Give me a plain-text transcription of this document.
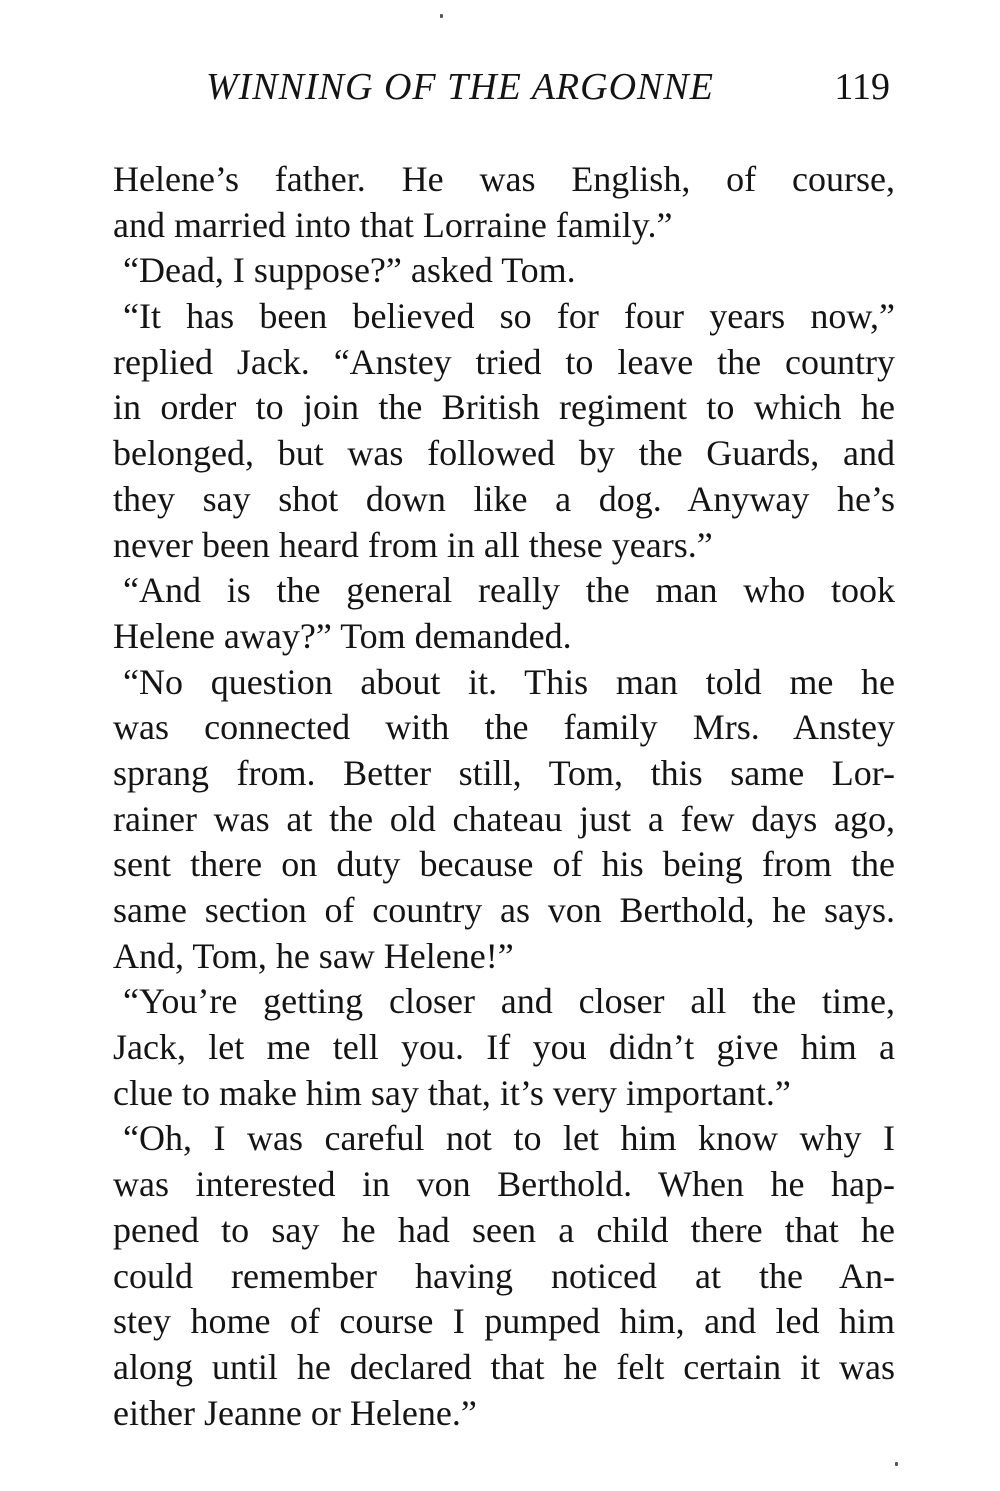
WINNING OF THE ARGONNE	119
Helene’s father. He was English, of course,
and married into that Lorraine family.”
“Dead, I suppose?” asked Tom.
“It has been believed so for four years now,”
replied Jack. “Anstey tried to leave the country
in order to join the British regiment to which he
belonged, but was followed by the Guards, and
they say shot down like a dog. Anyway he’s
never been heard from in all these years.”
“And is the general really the man who took
Helene away?” Tom demanded.
“No question about it. This man told me he
was connected with the family Mrs. Anstey
sprang from. Better still, Tom, this same Lor-
rainer was at the old chateau just a few days ago,
sent there on duty because of his being from the
same section of country as von Berthold, he says.
And, Tom, he saw Helene!”
“You’re getting closer and closer all the time,
Jack, let me tell you. If you didn’t give him a
clue to make him say that, it’s very important.”
“Oh, I was careful not to let him know why I
was interested in von Berthold. When he hap-
pened to say he had seen a child there that he
could remember having noticed at the An-
stey home of course I pumped him, and led him
along until he declared that he felt certain it was
either Jeanne or Helene.”
